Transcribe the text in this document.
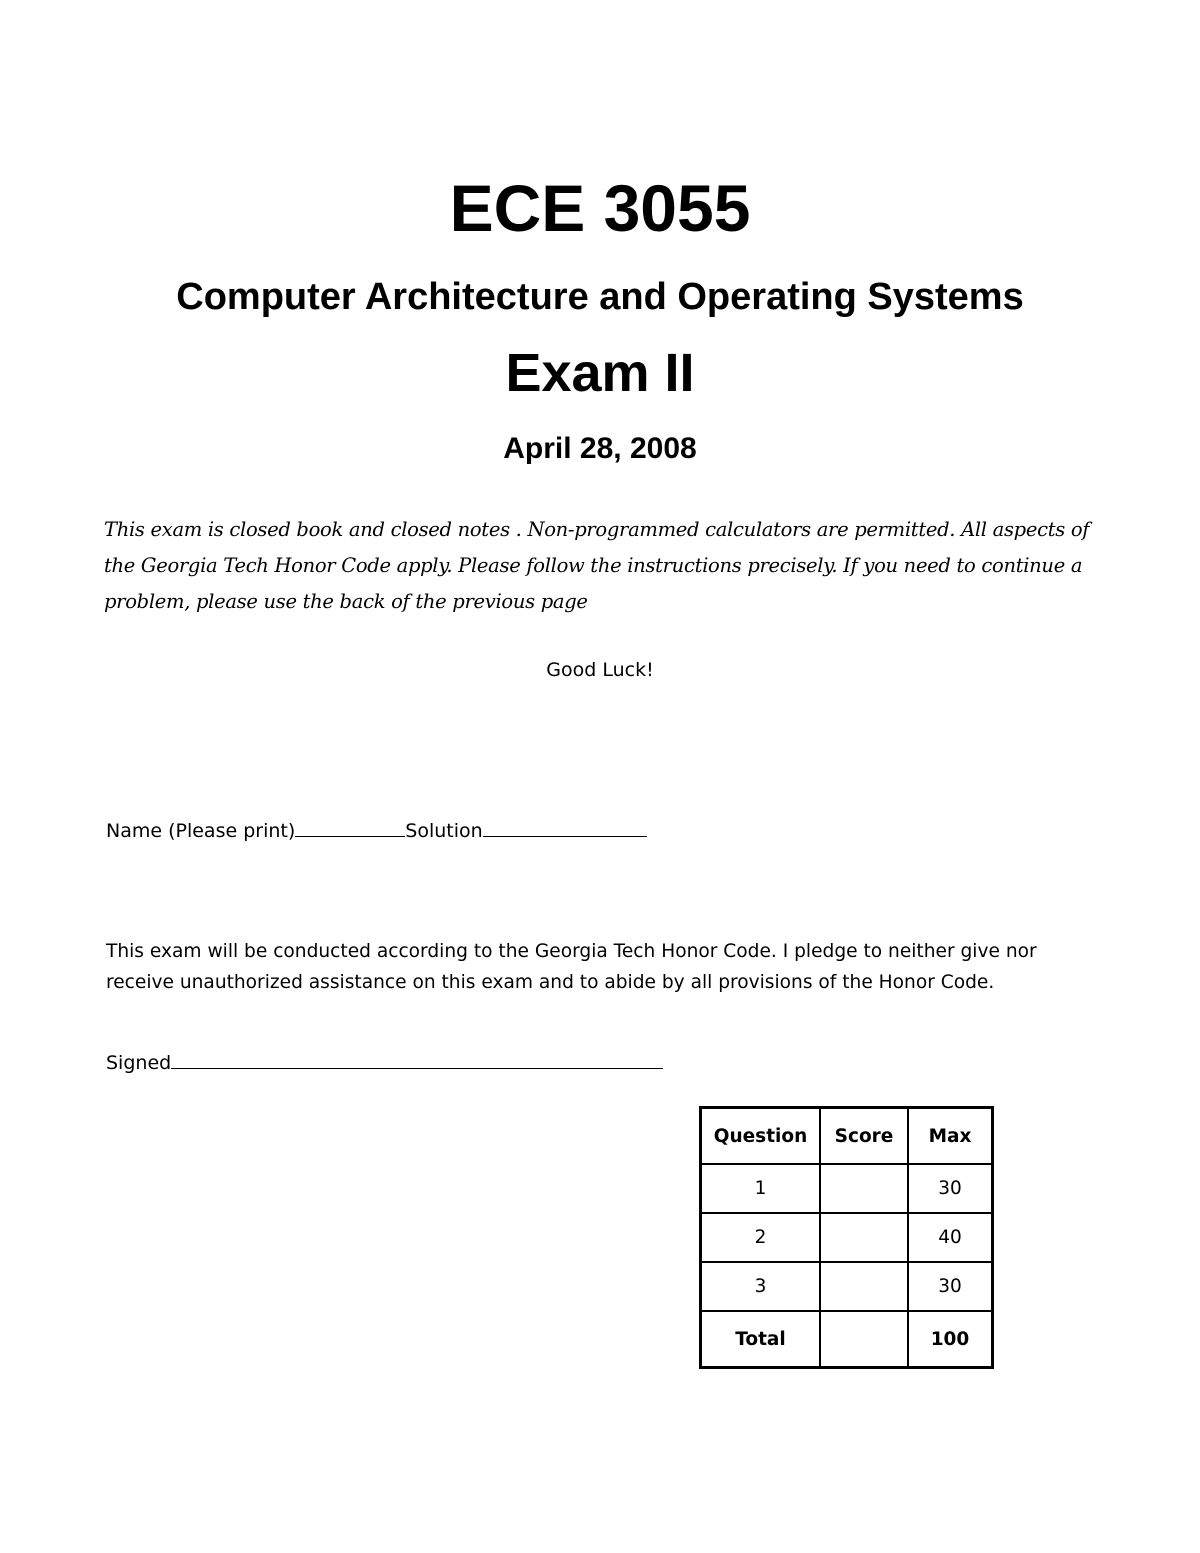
ECE 3055
Computer Architecture and Operating Systems
Exam II
April 28, 2008

This exam is closed book and closed notes . Non-programmed calculators are permitted. All aspects of
the Georgia Tech Honor Code apply. Please follow the instructions precisely. If you need to continue a
problem, please use the back of the previous page

Good Luck!
Name (Please print)	Solution

This exam will be conducted according to the Georgia Tech Honor Code. I pledge to neither give nor
receive unauthorized assistance on this exam and to abide by all provisions of the Honor Code.

Signed
Question	Score	Max
1		30
2		40
3		30
Total		100
